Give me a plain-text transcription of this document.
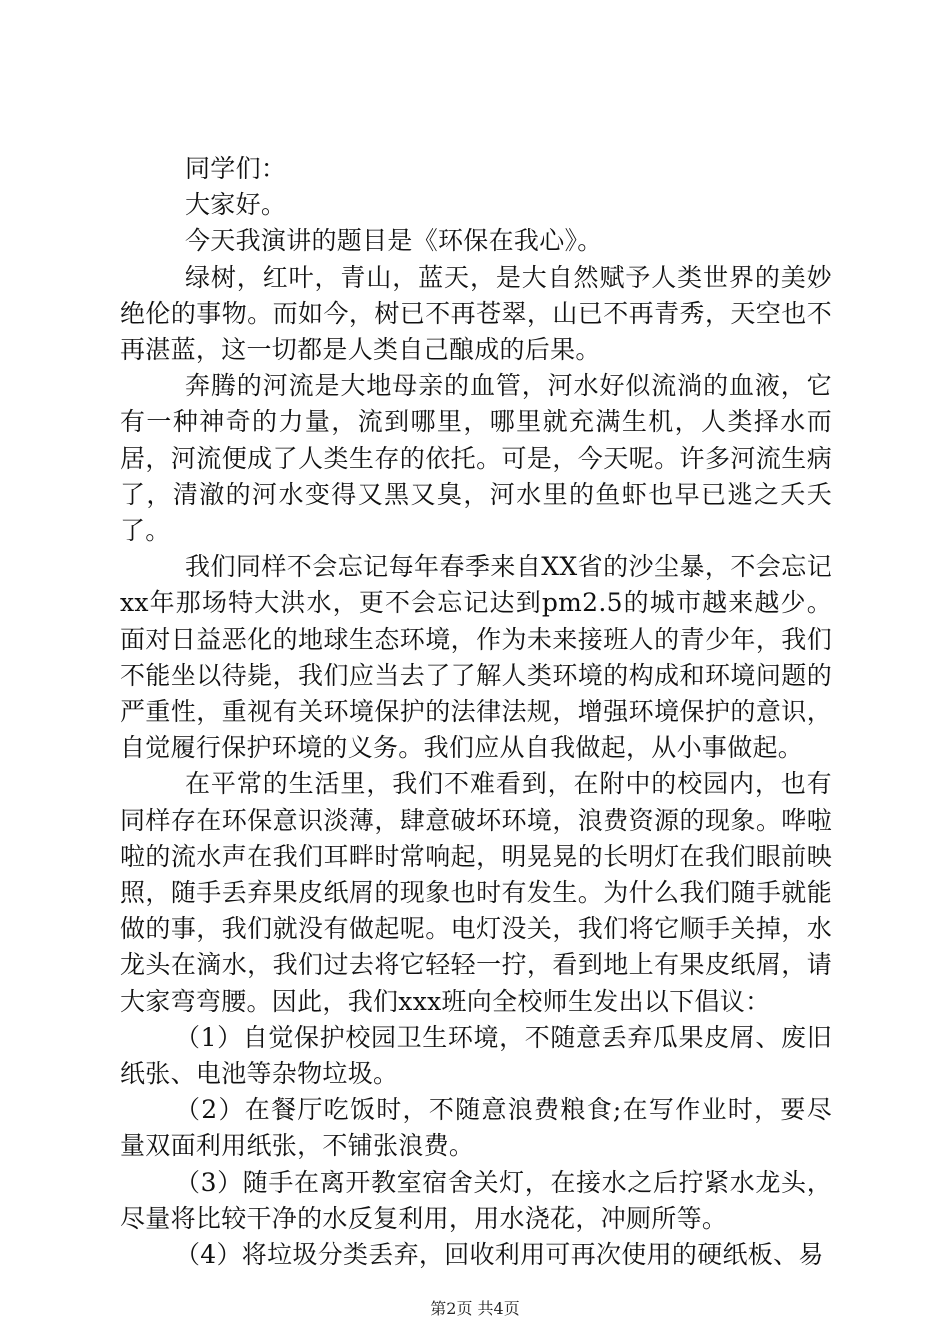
同学们：

大家好。

今天我演讲的题目是《环保在我心》。

绿树，红叶，青山，蓝天，是大自然赋予人类世界的美妙绝伦的事物。而如今，树已不再苍翠，山已不再青秀，天空也不再湛蓝，这一切都是人类自己酿成的后果。

奔腾的河流是大地母亲的血管，河水好似流淌的血液，它有一种神奇的力量，流到哪里，哪里就充满生机，人类择水而居，河流便成了人类生存的依托。可是，今天呢。许多河流生病了，清澈的河水变得又黑又臭，河水里的鱼虾也早已逃之夭夭了。

我们同样不会忘记每年春季来自XX省的沙尘暴，不会忘记xx年那场特大洪水，更不会忘记达到pm2.5的城市越来越少。面对日益恶化的地球生态环境，作为未来接班人的青少年，我们不能坐以待毙，我们应当去了了解人类环境的构成和环境问题的严重性，重视有关环境保护的法律法规，增强环境保护的意识，自觉履行保护环境的义务。我们应从自我做起，从小事做起。

在平常的生活里，我们不难看到，在附中的校园内，也有同样存在环保意识淡薄，肆意破坏环境，浪费资源的现象。哗啦啦的流水声在我们耳畔时常响起，明晃晃的长明灯在我们眼前映照，随手丢弃果皮纸屑的现象也时有发生。为什么我们随手就能做的事，我们就没有做起呢。电灯没关，我们将它顺手关掉，水龙头在滴水，我们过去将它轻轻一拧，看到地上有果皮纸屑，请大家弯弯腰。因此，我们xxx班向全校师生发出以下倡议：

（1）自觉保护校园卫生环境，不随意丢弃瓜果皮屑、废旧纸张、电池等杂物垃圾。

（2）在餐厅吃饭时，不随意浪费粮食;在写作业时，要尽量双面利用纸张，不铺张浪费。

（3）随手在离开教室宿舍关灯，在接水之后拧紧水龙头，尽量将比较干净的水反复利用，用水浇花，冲厕所等。

（4）将垃圾分类丢弃，回收利用可再次使用的硬纸板、易

第2页 共4页
